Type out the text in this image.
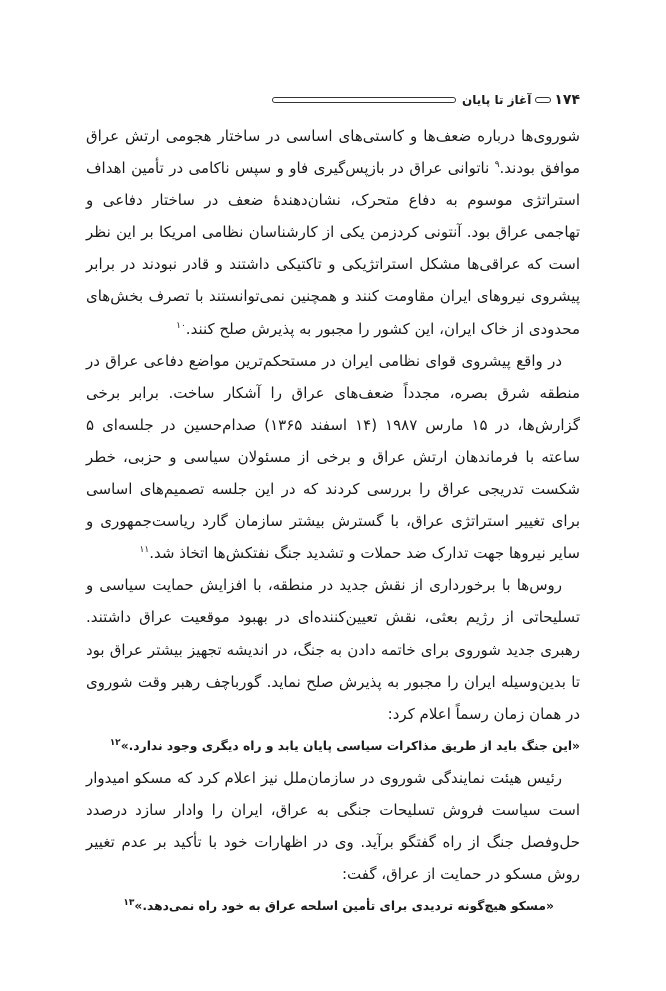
۱۷۴
آغاز تا پایان

شوروی‌ها درباره ضعف‌ها و کاستی‌های اساسی در ساختار هجومی ارتش عراق موافق بودند.$^۹$ ناتوانی عراق در بازپس‌گیری فاو و سپس ناکامی در تأمین اهداف استراتژی موسوم به دفاع متحرک، نشان‌دهندهٔ ضعف در ساختار دفاعی و تهاجمی عراق بود. آنتونی کردزمن یکی از کارشناسان نظامی امریکا بر این نظر است که عراقی‌ها مشکل استراتژیکی و تاکتیکی داشتند و قادر نبودند در برابر پیشروی نیروهای ایران مقاومت کنند و همچنین نمی‌توانستند با تصرف بخش‌های محدودی از خاک ایران، این کشور را مجبور به پذیرش صلح کنند.$^{۱۰}$

در واقع پیشروی قوای نظامی ایران در مستحکم‌ترین مواضع دفاعی عراق در منطقه شرق بصره، مجدداً ضعف‌های عراق را آشکار ساخت. برابر برخی گزارش‌ها، در ۱۵ مارس ۱۹۸۷ (۱۴ اسفند ۱۳۶۵) صدام‌حسین در جلسه‌ای ۵ ساعته با فرماندهان ارتش عراق و برخی از مسئولان سیاسی و حزبی، خطر شکست تدریجی عراق را بررسی کردند که در این جلسه تصمیم‌های اساسی برای تغییر استراتژی عراق، با گسترش بیشتر سازمان گارد ریاست‌جمهوری و سایر نیروها جهت تدارک ضد حملات و تشدید جنگ نفتکش‌ها اتخاذ شد.$^{۱۱}$

روس‌ها با برخورداری از نقش جدید در منطقه، با افزایش حمایت سیاسی و تسلیحاتی از رژیم بعثی، نقش تعیین‌کننده‌ای در بهبود موقعیت عراق داشتند. رهبری جدید شوروی برای خاتمه دادن به جنگ، در اندیشه تجهیز بیشتر عراق بود تا بدین‌وسیله ایران را مجبور به پذیرش صلح نماید. گورباچف رهبر وقت شوروی در همان زمان رسماً اعلام کرد:

«این جنگ باید از طریق مذاکرات سیاسی پایان یابد و راه دیگری وجود ندارد.»$^{۱۲}$

رئیس هیئت نمایندگی شوروی در سازمان‌ملل نیز اعلام کرد که مسکو امیدوار است سیاست فروش تسلیحات جنگی به عراق، ایران را وادار سازد درصدد حل‌وفصل جنگ از راه گفتگو برآید. وی در اظهارات خود با تأکید بر عدم تغییر روش مسکو در حمایت از عراق، گفت:

«مسکو هیچ‌گونه تردیدی برای تأمین اسلحه عراق به خود راه نمی‌دهد.»$^{۱۳}$
